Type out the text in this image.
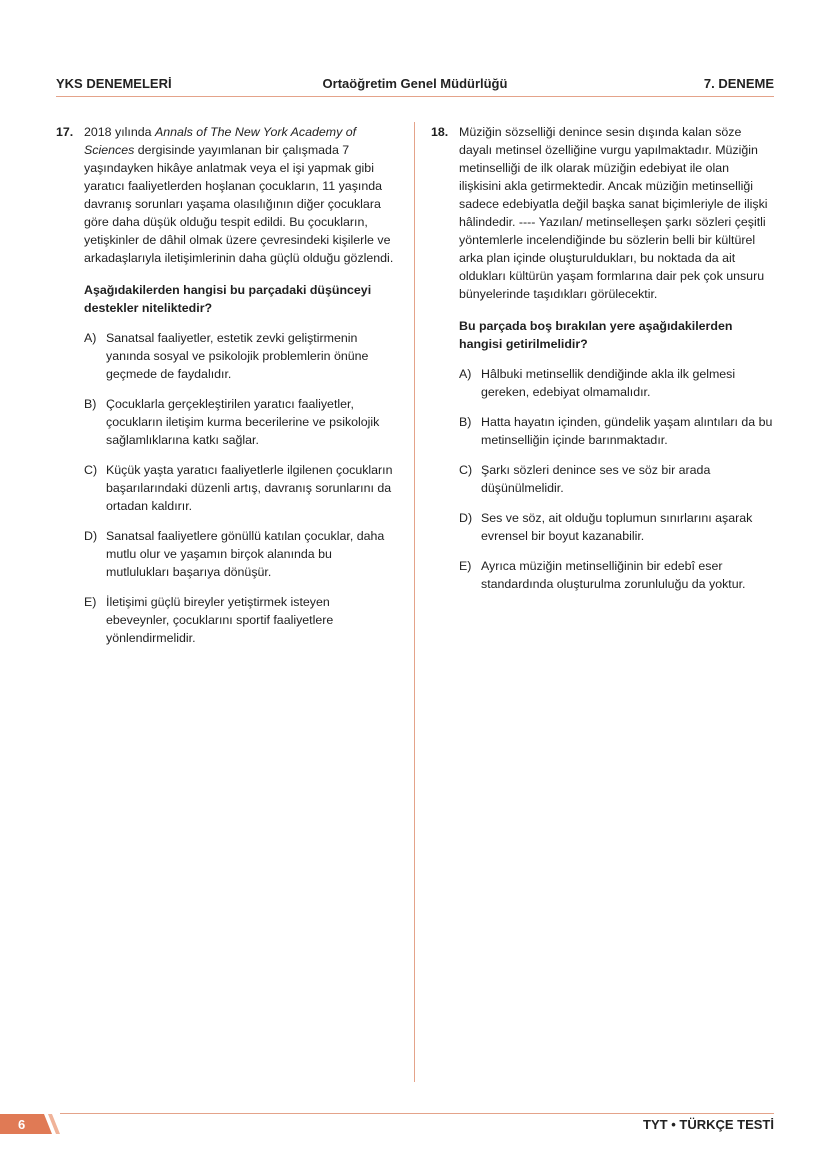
YKS DENEMELERİ	Ortaöğretim Genel Müdürlüğü	7. DENEME
17. 2018 yılında Annals of The New York Academy of Sciences dergisinde yayımlanan bir çalışmada 7 yaşındayken hikâye anlatmak veya el işi yapmak gibi yaratıcı faaliyetlerden hoşlanan çocukların, 11 yaşında davranış sorunları yaşama olasılığının diğer çocuklara göre daha düşük olduğu tespit edildi. Bu çocukların, yetişkinler de dâhil olmak üzere çevresindeki kişilerle ve arkadaşlarıyla iletişimlerinin daha güçlü olduğu gözlendi.

Aşağıdakilerden hangisi bu parçadaki düşünceyi destekler niteliktedir?
A) Sanatsal faaliyetler, estetik zevki geliştirmenin yanında sosyal ve psikolojik problemlerin önüne geçmede de faydalıdır.
B) Çocuklarla gerçekleştirilen yaratıcı faaliyetler, çocukların iletişim kurma becerilerine ve psikolojik sağlamlıklarına katkı sağlar.
C) Küçük yaşta yaratıcı faaliyetlerle ilgilenen çocukların başarılarındaki düzenli artış, davranış sorunlarını da ortadan kaldırır.
D) Sanatsal faaliyetlere gönüllü katılan çocuklar, daha mutlu olur ve yaşamın birçok alanında bu mutlulukları başarıya dönüşür.
E) İletişimi güçlü bireyler yetiştirmek isteyen ebeveynler, çocuklarını sportif faaliyetlere yönlendirmelidir.
18. Müziğin sözselliği denince sesin dışında kalan söze dayalı metinsel özelliğine vurgu yapılmaktadır. Müziğin metinselliği de ilk olarak müziğin edebiyat ile olan ilişkisini akla getirmektedir. Ancak müziğin metinselliği sadece edebiyatla değil başka sanat biçimleriyle de ilişki hâlindedir. ---- Yazılan/ metinselleşen şarkı sözleri çeşitli yöntemlerle incelendiğinde bu sözlerin belli bir kültürel arka plan içinde oluşturuldukları, bu noktada da ait oldukları kültürün yaşam formlarına dair pek çok unsuru bünyelerinde taşıdıkları görülecektir.

Bu parçada boş bırakılan yere aşağıdakilerden hangisi getirilmelidir?
A) Hâlbuki metinsellik dendiğinde akla ilk gelmesi gereken, edebiyat olmamalıdır.
B) Hatta hayatın içinden, gündelik yaşam alıntıları da bu metinselliğin içinde barınmaktadır.
C) Şarkı sözleri denince ses ve söz bir arada düşünülmelidir.
D) Ses ve söz, ait olduğu toplumun sınırlarını aşarak evrensel bir boyut kazanabilir.
E) Ayrıca müziğin metinselliğinin bir edebî eser standardında oluşturulma zorunluluğu da yoktur.
6	TYT • TÜRKÇE TESTİ
